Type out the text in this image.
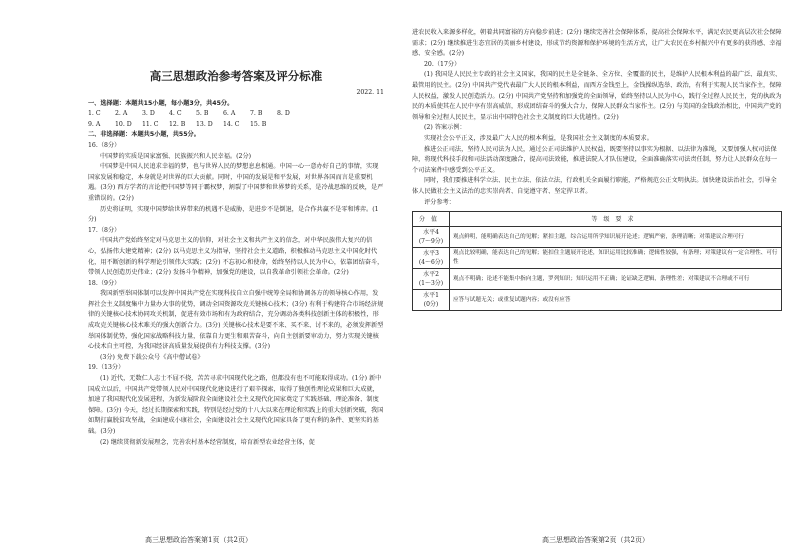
高三思想政治参考答案及评分标准
2022. 11
一、选择题：本题共15小题，每小题3分，共45分。
1. C	2. A	3. D	4. C	5. B	6. A	7. B	8. D
9. A	10. D	11. C	12. B	13. D	14. C	15. B
二、非选择题：本题共5小题，共55分。

16.（8分）

中国梦的实质是国家富强、民族振兴和人民幸福。(2分)

中国梦是中国人民追求幸福的梦，也与世界人民的梦想息息相通。中国一心一意办好自己的事情，实现国家发展和稳定，本身就是对世界的巨大贡献。同时，中国的发展是和平发展，对世界各国而言是重要机遇。(3分) 西方学者的言论把中国梦等同于霸权梦，割裂了中国梦和世界梦的关系，是冷战思维的反映，是严重错误的。(2分)

历史将证明，实现中国梦给世界带来的机遇不是威胁，是进步不是倒退，是合作共赢不是零和博弈。(1分)

17.（8分）

中国共产党始终坚定对马克思主义的信仰，对社会主义和共产主义的信念，对中华民族伟大复兴的信心，弘扬伟大建党精神；(2分) 以马克思主义为指导，坚持社会主义道路，积极推动马克思主义中国化时代化，用不断创新的科学理论引领伟大实践；(2分) 不忘初心和使命，始终坚持以人民为中心，依靠团结奋斗，带领人民创造历史伟业；(2分) 发扬斗争精神，加强党的建设，以自我革命引领社会革命。(2分)

18.（9分）

我国新型举国体制可以发挥中国共产党在实现科技自立自强中统筹全局和协调各方的领导核心作用，发挥社会主义制度集中力量办大事的优势，调动全国资源攻克关键核心技术；(3分) 有利于构建符合市场经济规律的关键核心技术协同攻关机制，促进有效市场和有为政府结合，充分调动各类科技创新主体的积极性，形成攻克关键核心技术难关的强大创新合力。(3分) 关键核心技术是要不来、买不来、讨不来的，必须发挥新型举国体制优势，强化国家战略科技力量，依靠自力更生和艰苦奋斗，向自主创新要审动力，努力实现关键核心技术自主可控，为我国经济高质量发展提供有力科技支撑。(3分)

(3分) 免费下载公众号《高中僧试卷》

19.（13分）

(1) 近代，无数仁人志士不屈不挠，苦苦寻求中国现代化之路，但都没有也不可能取得成功。(1分) 新中国成立以后，中国共产党带领人民对中国现代化建设进行了艰辛探索，取得了独创性理论成果和巨大成就，加速了我国现代化发展进程，为新发展阶段全面建设社会主义现代化国家奠定了实践基础、理论准备、制度保障。(3分) 今天，经过长期探索和实践，特别是经过党的十八大以来在理论和实践上的重大创新突破，我国如期打赢脱贫攻坚战，全面建成小康社会，全面建设社会主义现代化国家具备了更有利的条件、更坚实的基础。(3分)

(2) 继续贯彻新发展理念，完善农村基本经营制度，培育新型农业经营主体，促

高三思想政治答案第1页（共2页）

进农民收入来源多样化，朝着共同富裕的方向稳步前进；(2分) 继续完善社会保障体系，提高社会保障水平，满足农民更高层次社会保障需求；(2分) 继续推进生态宜居的美丽乡村建设，形成节约资源和保护环境的生活方式，让广大农民在乡村振兴中有更多的获得感、幸福感、安全感。(2分)

20.（17分）

(1) 我国是人民民主专政的社会主义国家，我国的民主是全链条、全方位、全覆盖的民主，是维护人民根本利益的最广泛、最真实、最管用的民主。(2分) 中国共产党代表最广大人民的根本利益，而西方金钱至上，金钱操纵选举、政治，有利于实现人民当家作主，保障人民权益，激发人民创造活力。(2分) 中国共产党坚持和加强党的全面领导，始终坚持以人民为中心，践行全过程人民民主，党的执政为民的本质使其在人民中享有崇高威信，形成团结奋斗的强大合力，保障人民群众当家作主。(2分) 与美国的金钱政治相比，中国共产党的领导和全过程人民民主，显示出中国特色社会主义制度的巨大优越性。(2分)

(2) 答案示例：

实现社会公平正义，涉及最广大人民的根本利益，是我国社会主义制度的本质要求。

推进公正司法，坚持人民司法为人民，通过公正司法维护人民权益，既要坚持以事实为根据、以法律为准绳，又要加强人权司法保障，将现代科技手段和司法活动深度融合，提高司法效能，推进法院人才队伍建设，全面准确落实司法责任制，努力让人民群众在每一个司法案件中感受到公平正义。

同时，我们要推进科学立法、民主立法、依法立法，行政机关全面履行职能，严格规范公正文明执法。加快建设法治社会，引导全体人民做社会主义法治的忠实崇尚者、自觉遵守者、坚定捍卫者。

评分参考：

分值	等级要求
水平4
(7～9分)	观点鲜明，能明确表达自己的见解；紧扣主题，综合运用所学知识展开论述；逻辑严密，条理清晰；对策建议合理可行
水平3
(4～6分)	观点比较明确，能表达自己的见解；能扣住主题展开论述，知识运用比较准确；逻辑性较强，有条理；对策建议有一定合理性、可行性
水平2
(1～3分)	观点不明确；论述不能集中指向主题，罗列知识；知识运用不正确；论证缺乏逻辑，条理性差；对策建议不合理或不可行
水平1
(0分)	应答与试题无关；或重复试题内容；或没有应答
高三思想政治答案第2页（共2页）
